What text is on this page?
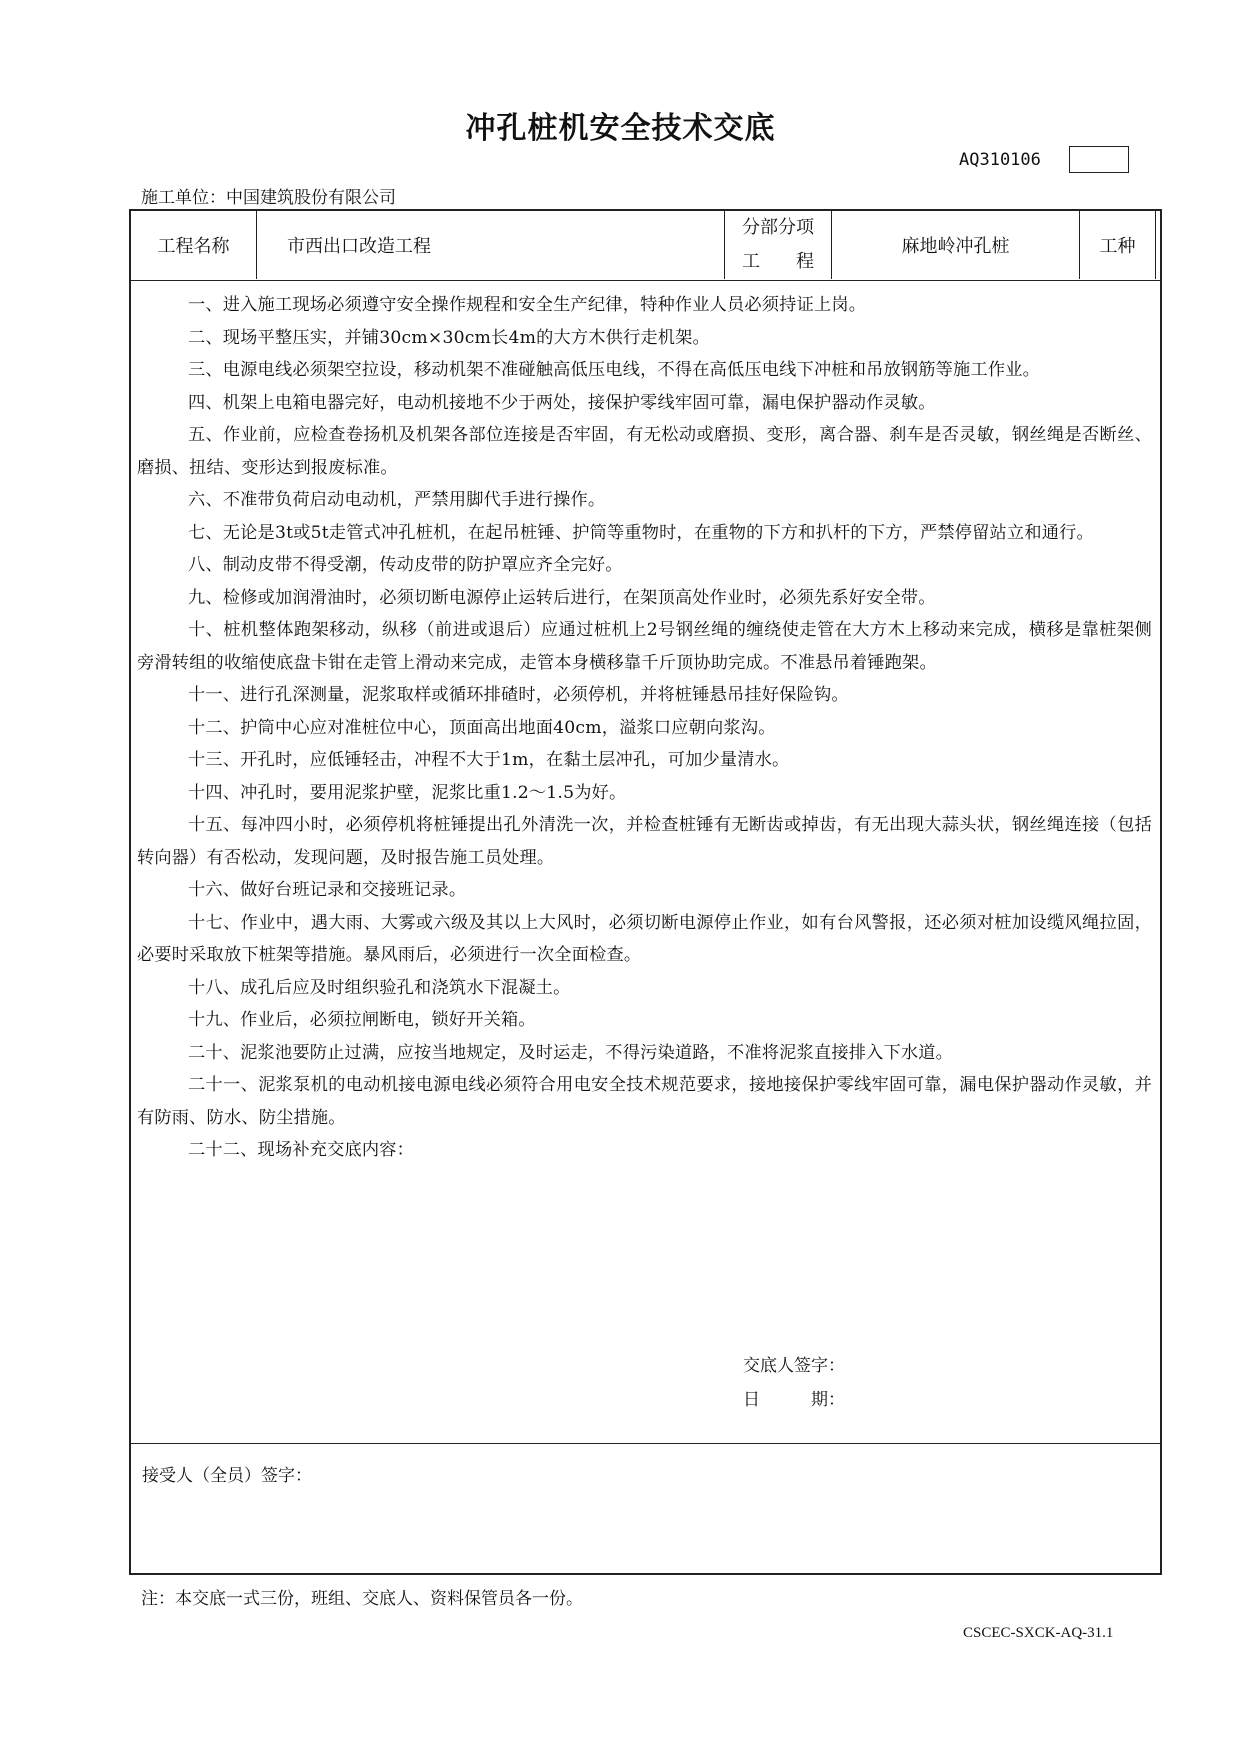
冲孔桩机安全技术交底
AQ310106
施工单位：中国建筑股份有限公司
工程名称	市西出口改造工程
分部分项
工　　程
麻地岭冲孔桩	工种

一、进入施工现场必须遵守安全操作规程和安全生产纪律，特种作业人员必须持证上岗。

二、现场平整压实，并铺30cm×30cm长4m的大方木供行走机架。

三、电源电线必须架空拉设，移动机架不准碰触高低压电线，不得在高低压电线下冲桩和吊放钢筋等施工作业。

四、机架上电箱电器完好，电动机接地不少于两处，接保护零线牢固可靠，漏电保护器动作灵敏。

五、作业前，应检查卷扬机及机架各部位连接是否牢固，有无松动或磨损、变形，离合器、刹车是否灵敏，钢丝绳是否断丝、磨损、扭结、变形达到报废标准。

六、不准带负荷启动电动机，严禁用脚代手进行操作。

七、无论是3t或5t走管式冲孔桩机，在起吊桩锤、护筒等重物时，在重物的下方和扒杆的下方，严禁停留站立和通行。

八、制动皮带不得受潮，传动皮带的防护罩应齐全完好。

九、检修或加润滑油时，必须切断电源停止运转后进行，在架顶高处作业时，必须先系好安全带。

十、桩机整体跑架移动，纵移（前进或退后）应通过桩机上2号钢丝绳的缠绕使走管在大方木上移动来完成，横移是靠桩架侧旁滑转组的收缩使底盘卡钳在走管上滑动来完成，走管本身横移靠千斤顶协助完成。不准悬吊着锤跑架。

十一、进行孔深测量，泥浆取样或循环排碴时，必须停机，并将桩锤悬吊挂好保险钩。

十二、护筒中心应对准桩位中心，顶面高出地面40cm，溢浆口应朝向浆沟。

十三、开孔时，应低锤轻击，冲程不大于1m，在黏土层冲孔，可加少量清水。

十四、冲孔时，要用泥浆护壁，泥浆比重1.2～1.5为好。

十五、每冲四小时，必须停机将桩锤提出孔外清洗一次，并检查桩锤有无断齿或掉齿，有无出现大蒜头状，钢丝绳连接（包括转向器）有否松动，发现问题，及时报告施工员处理。

十六、做好台班记录和交接班记录。

十七、作业中，遇大雨、大雾或六级及其以上大风时，必须切断电源停止作业，如有台风警报，还必须对桩加设缆风绳拉固，必要时采取放下桩架等措施。暴风雨后，必须进行一次全面检查。

十八、成孔后应及时组织验孔和浇筑水下混凝土。

十九、作业后，必须拉闸断电，锁好开关箱。

二十、泥浆池要防止过满，应按当地规定，及时运走，不得污染道路，不准将泥浆直接排入下水道。

二十一、泥浆泵机的电动机接电源电线必须符合用电安全技术规范要求，接地接保护零线牢固可靠，漏电保护器动作灵敏，并有防雨、防水、防尘措施。

二十二、现场补充交底内容：

交底人签字：
日　　　期：
接受人（全员）签字：
注：本交底一式三份，班组、交底人、资料保管员各一份。
CSCEC-SXCK-AQ-31.1
